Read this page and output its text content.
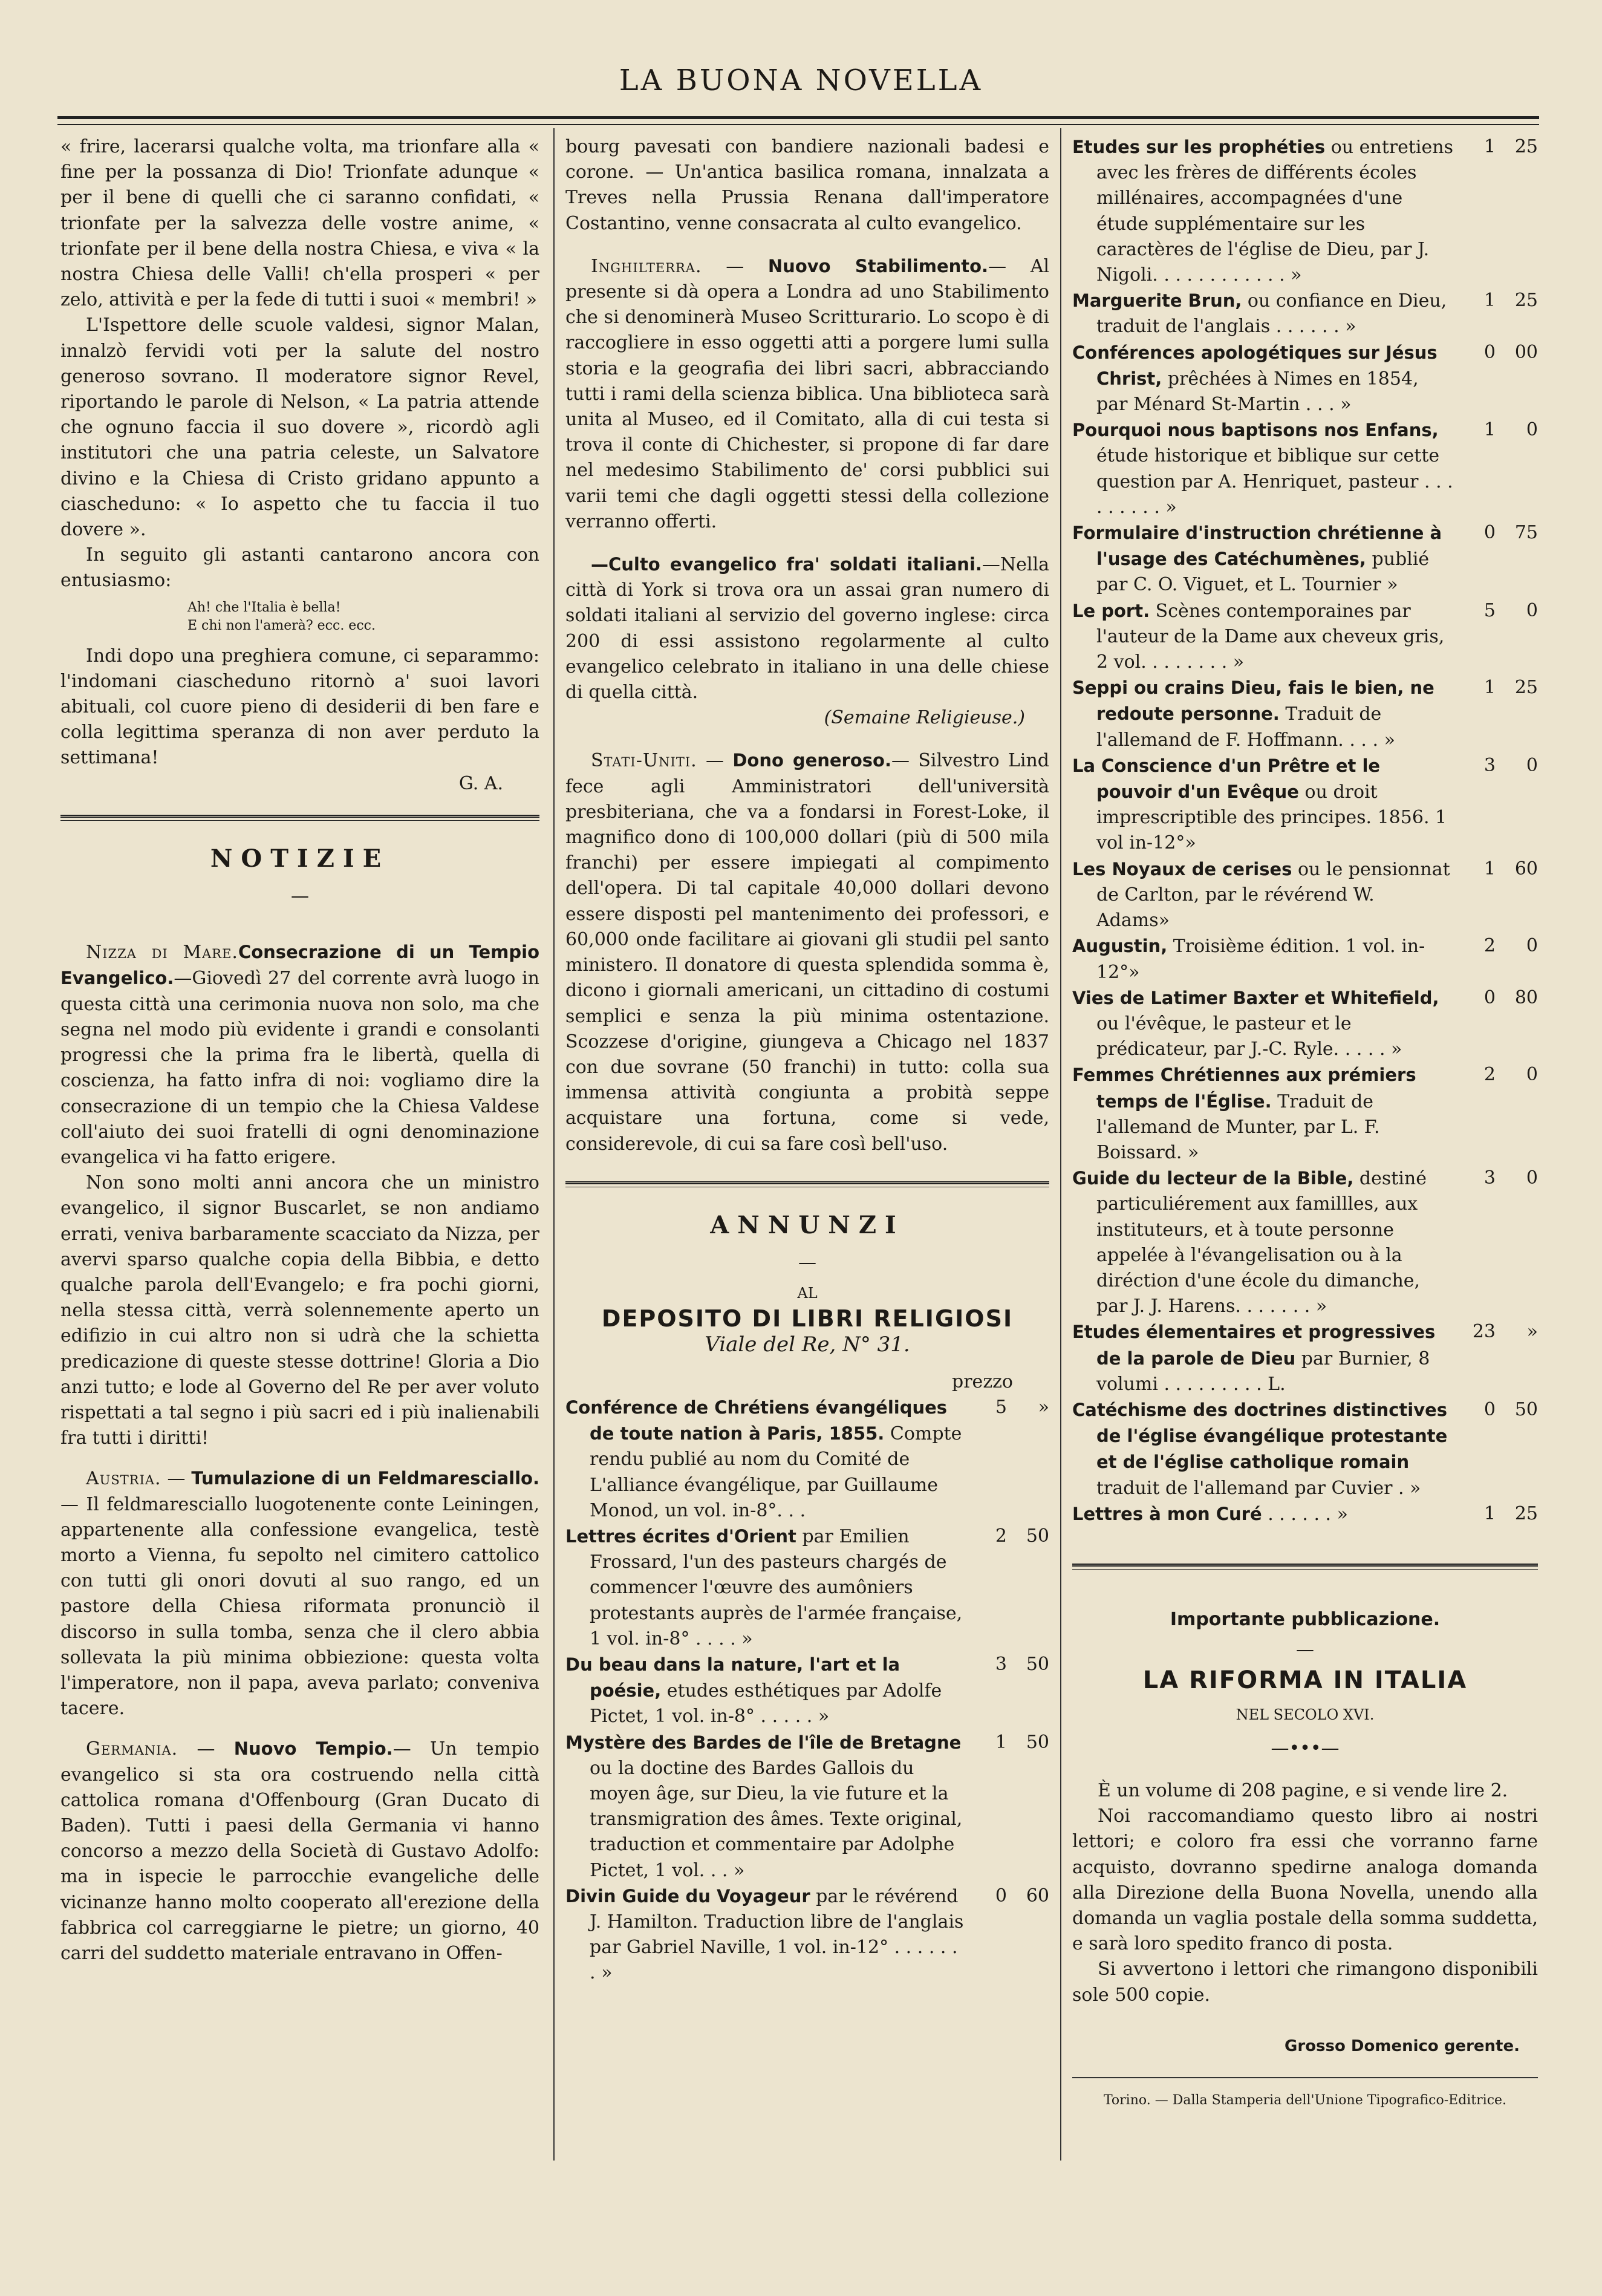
LA BUONA NOVELLA

« frire, lacerarsi qualche volta, ma trionfare alla « fine per la possanza di Dio! Trionfate adunque « per il bene di quelli che ci saranno confidati, « trionfate per la salvezza delle vostre anime, « trionfate per il bene della nostra Chiesa, e viva « la nostra Chiesa delle Valli! ch'ella prosperi « per zelo, attività e per la fede di tutti i suoi « membri! »

L'Ispettore delle scuole valdesi, signor Malan, innalzò fervidi voti per la salute del nostro generoso sovrano. Il moderatore signor Revel, riportando le parole di Nelson, « La patria attende che ognuno faccia il suo dovere », ricordò agli institutori che una patria celeste, un Salvatore divino e la Chiesa di Cristo gridano appunto a ciascheduno: « Io aspetto che tu faccia il tuo dovere ».

In seguito gli astanti cantarono ancora con entusiasmo:

Ah! che l'Italia è bella!
E chi non l'amerà? ecc. ecc.

Indi dopo una preghiera comune, ci separammo: l'indomani ciascheduno ritornò a' suoi lavori abituali, col cuore pieno di desiderii di ben fare e colla legittima speranza di non aver perduto la settimana!

G. A.

NOTIZIE
—

Nizza di Mare.Consecrazione di un Tempio Evangelico.—Giovedì 27 del corrente avrà luogo in questa città una cerimonia nuova non solo, ma che segna nel modo più evidente i grandi e consolanti progressi che la prima fra le libertà, quella di coscienza, ha fatto infra di noi: vogliamo dire la consecrazione di un tempio che la Chiesa Valdese coll'aiuto dei suoi fratelli di ogni denominazione evangelica vi ha fatto erigere.

Non sono molti anni ancora che un ministro evangelico, il signor Buscarlet, se non andiamo errati, veniva barbaramente scacciato da Nizza, per avervi sparso qualche copia della Bibbia, e detto qualche parola dell'Evangelo; e fra pochi giorni, nella stessa città, verrà solennemente aperto un edifizio in cui altro non si udrà che la schietta predicazione di queste stesse dottrine! Gloria a Dio anzi tutto; e lode al Governo del Re per aver voluto rispettati a tal segno i più sacri ed i più inalienabili fra tutti i diritti!

Austria. — Tumulazione di un Feldmaresciallo.— Il feldmaresciallo luogotenente conte Leiningen, appartenente alla confessione evangelica, testè morto a Vienna, fu sepolto nel cimitero cattolico con tutti gli onori dovuti al suo rango, ed un pastore della Chiesa riformata pronunciò il discorso in sulla tomba, senza che il clero abbia sollevata la più minima obbiezione: questa volta l'imperatore, non il papa, aveva parlato; conveniva tacere.

Germania. — Nuovo Tempio.— Un tempio evangelico si sta ora costruendo nella città cattolica romana d'Offenbourg (Gran Ducato di Baden). Tutti i paesi della Germania vi hanno concorso a mezzo della Società di Gustavo Adolfo: ma in ispecie le parrocchie evangeliche delle vicinanze hanno molto cooperato all'erezione della fabbrica col carreggiarne le pietre; un giorno, 40 carri del suddetto materiale entravano in Offen-

bourg pavesati con bandiere nazionali badesi e corone. — Un'antica basilica romana, innalzata a Treves nella Prussia Renana dall'imperatore Costantino, venne consacrata al culto evangelico.

Inghilterra. — Nuovo Stabilimento.— Al presente si dà opera a Londra ad uno Stabilimento che si denominerà Museo Scritturario. Lo scopo è di raccogliere in esso oggetti atti a porgere lumi sulla storia e la geografia dei libri sacri, abbracciando tutti i rami della scienza biblica. Una biblioteca sarà unita al Museo, ed il Comitato, alla di cui testa si trova il conte di Chichester, si propone di far dare nel medesimo Stabilimento de' corsi pubblici sui varii temi che dagli oggetti stessi della collezione verranno offerti.

—Culto evangelico fra' soldati italiani.—Nella città di York si trova ora un assai gran numero di soldati italiani al servizio del governo inglese: circa 200 di essi assistono regolarmente al culto evangelico celebrato in italiano in una delle chiese di quella città.

(Semaine Religieuse.)

Stati-Uniti. — Dono generoso.— Silvestro Lind fece agli Amministratori dell'università presbiteriana, che va a fondarsi in Forest-Loke, il magnifico dono di 100,000 dollari (più di 500 mila franchi) per essere impiegati al compimento dell'opera. Di tal capitale 40,000 dollari devono essere disposti pel mantenimento dei professori, e 60,000 onde facilitare ai giovani gli studii pel santo ministero. Il donatore di questa splendida somma è, dicono i giornali americani, un cittadino di costumi semplici e senza la più minima ostentazione. Scozzese d'origine, giungeva a Chicago nel 1837 con due sovrane (50 franchi) in tutto: colla sua immensa attività congiunta a probità seppe acquistare una fortuna, come si vede, considerevole, di cui sa fare così bell'uso.

ANNUNZI
—
AL
DEPOSITO DI LIBRI RELIGIOSI
Viale del Re, N° 31.
prezzo
Conférence de Chrétiens évangéliques de toute nation à Paris, 1855. Compte rendu publié au nom du Comité de L'alliance évangélique, par Guillaume Monod, un vol. in-8°. . .
5	»
Lettres écrites d'Orient par Emilien Frossard, l'un des pasteurs chargés de commencer l'œuvre des aumôniers protestants auprès de l'armée française, 1 vol. in-8° . . . . »
2	50
Du beau dans la nature, l'art et la poésie, etudes esthétiques par Adolfe Pictet, 1 vol. in-8° . . . . . »
3	50
Mystère des Bardes de l'île de Bretagne ou la doctine des Bardes Gallois du moyen âge, sur Dieu, la vie future et la transmigration des âmes. Texte original, traduction et commentaire par Adolphe Pictet, 1 vol. . . »
1	50
Divin Guide du Voyageur par le révérend J. Hamilton. Traduction libre de l'anglais par Gabriel Naville, 1 vol. in-12° . . . . . . . »
0	60
Etudes sur les prophéties ou entretiens avec les frères de différents écoles millénaires, accompagnées d'une étude supplémentaire sur les caractères de l'église de Dieu, par J. Nigoli. . . . . . . . . . . . »
1	25
Marguerite Brun, ou confiance en Dieu, traduit de l'anglais . . . . . . »
1	25
Conférences apologétiques sur Jésus Christ, prêchées à Nimes en 1854, par Ménard St-Martin . . . »
0	00
Pourquoi nous baptisons nos Enfans, étude historique et biblique sur cette question par A. Henriquet, pasteur . . . . . . . . . »
1	0
Formulaire d'instruction chrétienne à l'usage des Catéchumènes, publié par C. O. Viguet, et L. Tournier »
0	75
Le port. Scènes contemporaines par l'auteur de la Dame aux cheveux gris, 2 vol. . . . . . . . »
5	0
Seppi ou crains Dieu, fais le bien, ne redoute personne. Traduit de l'allemand de F. Hoffmann. . . . »
1	25
La Conscience d'un Prêtre et le pouvoir d'un Evêque ou droit imprescriptible des principes. 1856. 1 vol in-12°»
3	0
Les Noyaux de cerises ou le pensionnat de Carlton, par le révérend W. Adams»
1	60
Augustin, Troisième édition. 1 vol. in-12°»
2	0
Vies de Latimer Baxter et Whitefield, ou l'évêque, le pasteur et le prédicateur, par J.-C. Ryle. . . . . »
0	80
Femmes Chrétiennes aux prémiers temps de l'Église. Traduit de l'allemand de Munter, par L. F. Boissard. »
2	0
Guide du lecteur de la Bible, destiné particuliérement aux famillles, aux instituteurs, et à toute personne appelée à l'évangelisation ou à la diréction d'une école du dimanche, par J. J. Harens. . . . . . . »
3	0
Etudes élementaires et progressives de la parole de Dieu par Burnier, 8 volumi . . . . . . . . . L.
23	»
Catéchisme des doctrines distinctives de l'église évangélique protestante et de l'église catholique romain traduit de l'allemand par Cuvier . »
0	50
Lettres à mon Curé . . . . . . »	1	25
Importante pubblicazione.
—
LA RIFORMA IN ITALIA
NEL SECOLO XVI.
—•••—

È un volume di 208 pagine, e si vende lire 2.

Noi raccomandiamo questo libro ai nostri lettori; e coloro fra essi che vorranno farne acquisto, dovranno spedirne analoga domanda alla Direzione della Buona Novella, unendo alla domanda un vaglia postale della somma suddetta, e sarà loro spedito franco di posta.

Si avvertono i lettori che rimangono disponibili sole 500 copie.

Grosso Domenico gerente.
Torino. — Dalla Stamperia dell'Unione Tipografico-Editrice.
